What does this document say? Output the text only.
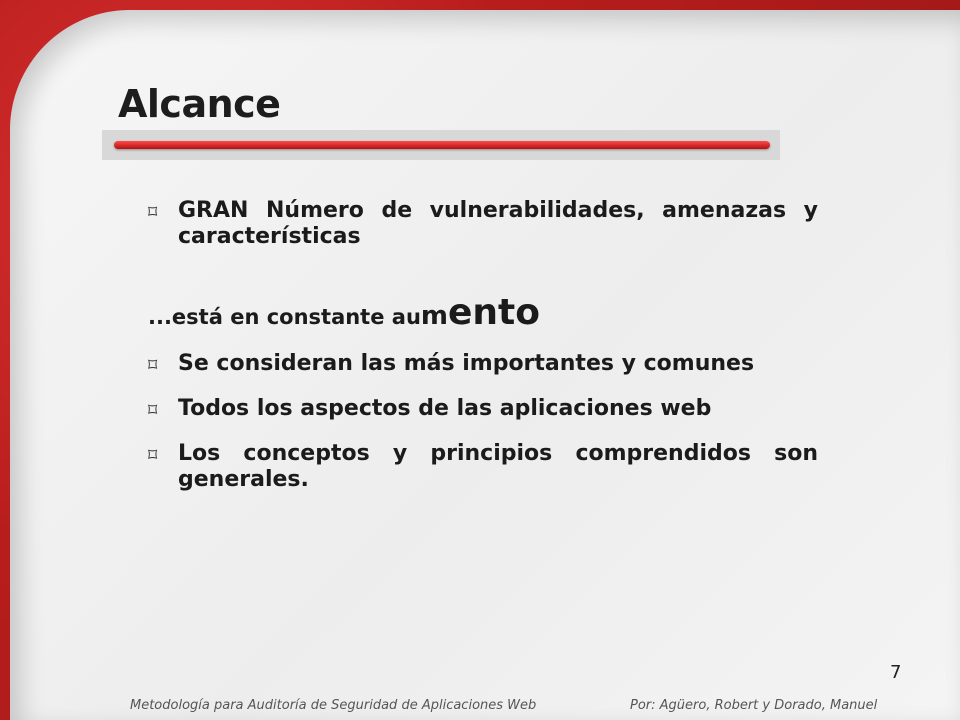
Alcance
⌑ GRAN Número de vulnerabilidades, amenazas y características
...está en constante aumento
⌑ Se consideran las más importantes y comunes
⌑ Todos los aspectos de las aplicaciones web
⌑ Los conceptos y principios comprendidos son generales.
7
Metodología para Auditoría de Seguridad de Aplicaciones Web	Por: Agüero, Robert y Dorado, Manuel
